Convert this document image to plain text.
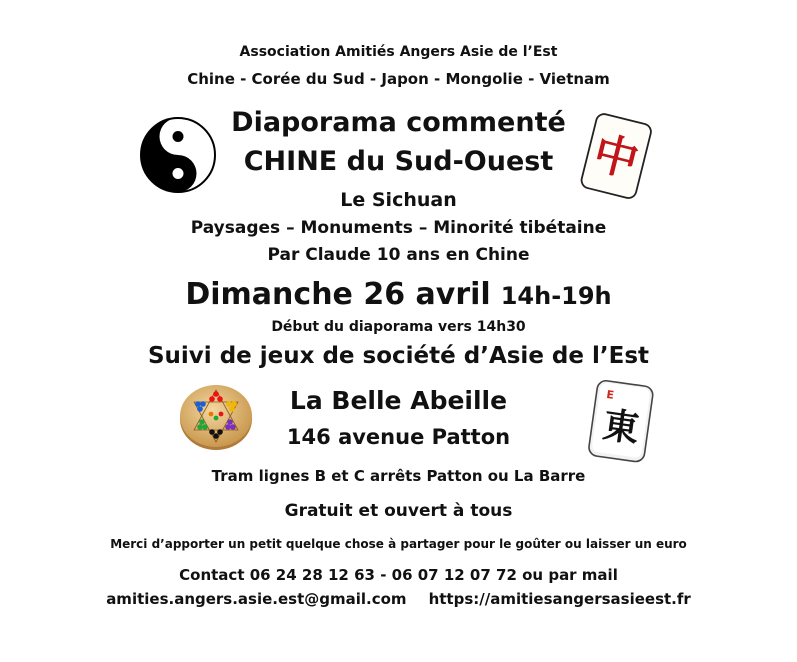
Association Amitiés Angers Asie de l’Est
Chine - Corée du Sud - Japon - Mongolie - Vietnam
Diaporama commenté
CHINE du Sud-Ouest
Le Sichuan
Paysages – Monuments – Minorité tibétaine
Par Claude 10 ans en Chine
Dimanche 26 avril 14h-19h
Début du diaporama vers 14h30
Suivi de jeux de société d’Asie de l’Est
La Belle Abeille
146 avenue Patton
Tram lignes B et C arrêts Patton ou La Barre
Gratuit et ouvert à tous
Merci d’apporter un petit quelque chose à partager pour le goûter ou laisser un euro
Contact 06 24 28 12 63 - 06 07 12 07 72 ou par mail
amities.angers.asie.est@gmail.com https://amitiesangersasieest.fr
中
E
東
